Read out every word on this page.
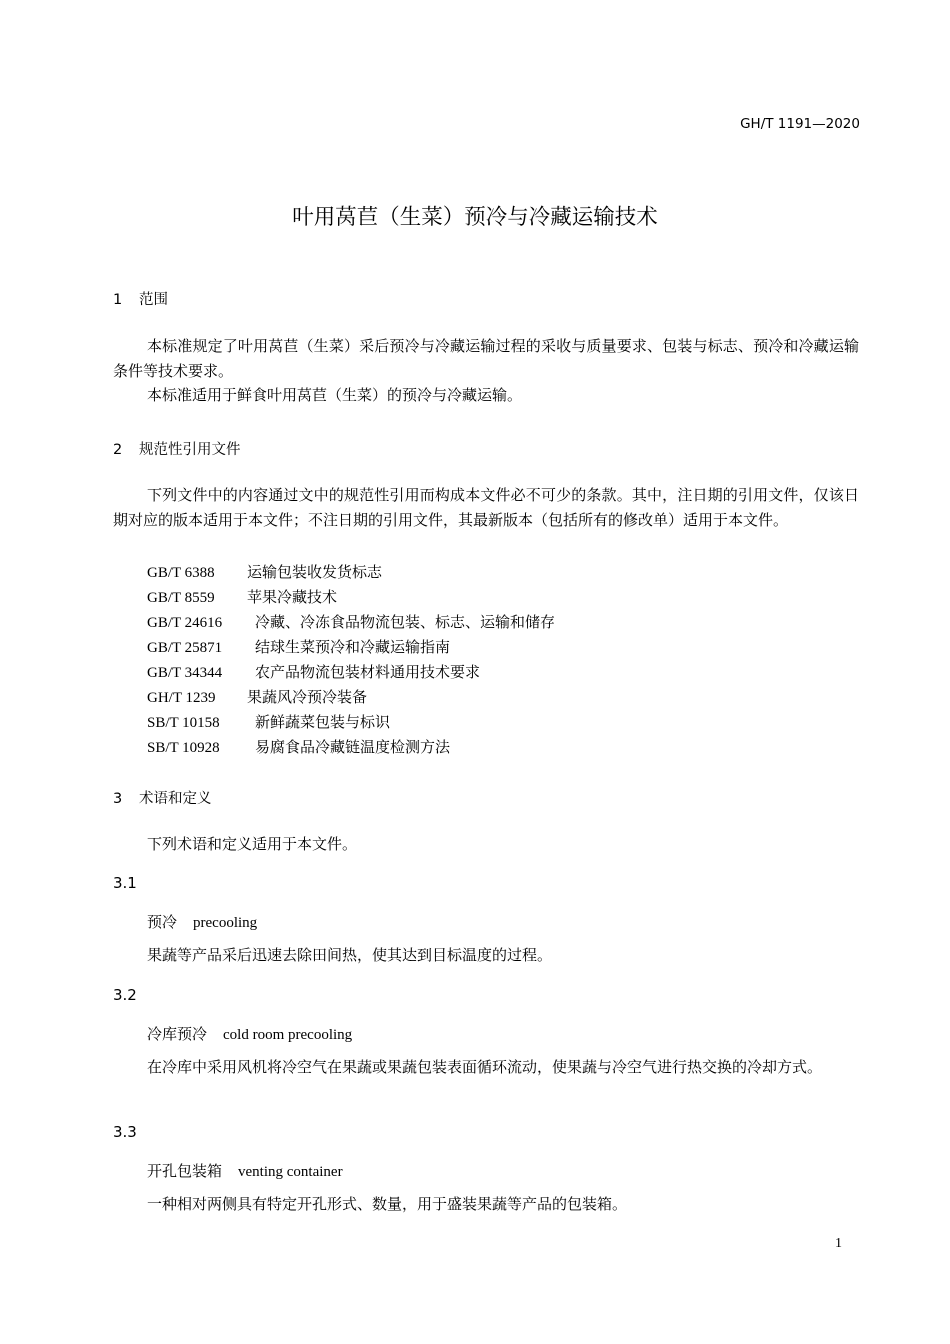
GH/T 1191—2020
叶用莴苣（生菜）预冷与冷藏运输技术
1 范围
本标准规定了叶用莴苣（生菜）采后预冷与冷藏运输过程的采收与质量要求、包装与标志、预冷和冷藏运输条件等技术要求。
本标准适用于鲜食叶用莴苣（生菜）的预冷与冷藏运输。
2 规范性引用文件
下列文件中的内容通过文中的规范性引用而构成本文件必不可少的条款。其中，注日期的引用文件，仅该日期对应的版本适用于本文件；不注日期的引用文件，其最新版本（包括所有的修改单）适用于本文件。
GB/T 6388 运输包装收发货标志
GB/T 8559 苹果冷藏技术
GB/T 24616 冷藏、冷冻食品物流包装、标志、运输和储存
GB/T 25871 结球生菜预冷和冷藏运输指南
GB/T 34344 农产品物流包装材料通用技术要求
GH/T 1239 果蔬风冷预冷装备
SB/T 10158 新鲜蔬菜包装与标识
SB/T 10928 易腐食品冷藏链温度检测方法
3 术语和定义
下列术语和定义适用于本文件。
3.1
预冷 precooling
果蔬等产品采后迅速去除田间热，使其达到目标温度的过程。
3.2
冷库预冷 cold room precooling
在冷库中采用风机将冷空气在果蔬或果蔬包装表面循环流动，使果蔬与冷空气进行热交换的冷却方式。
3.3
开孔包装箱 venting container
一种相对两侧具有特定开孔形式、数量，用于盛装果蔬等产品的包装箱。
1
